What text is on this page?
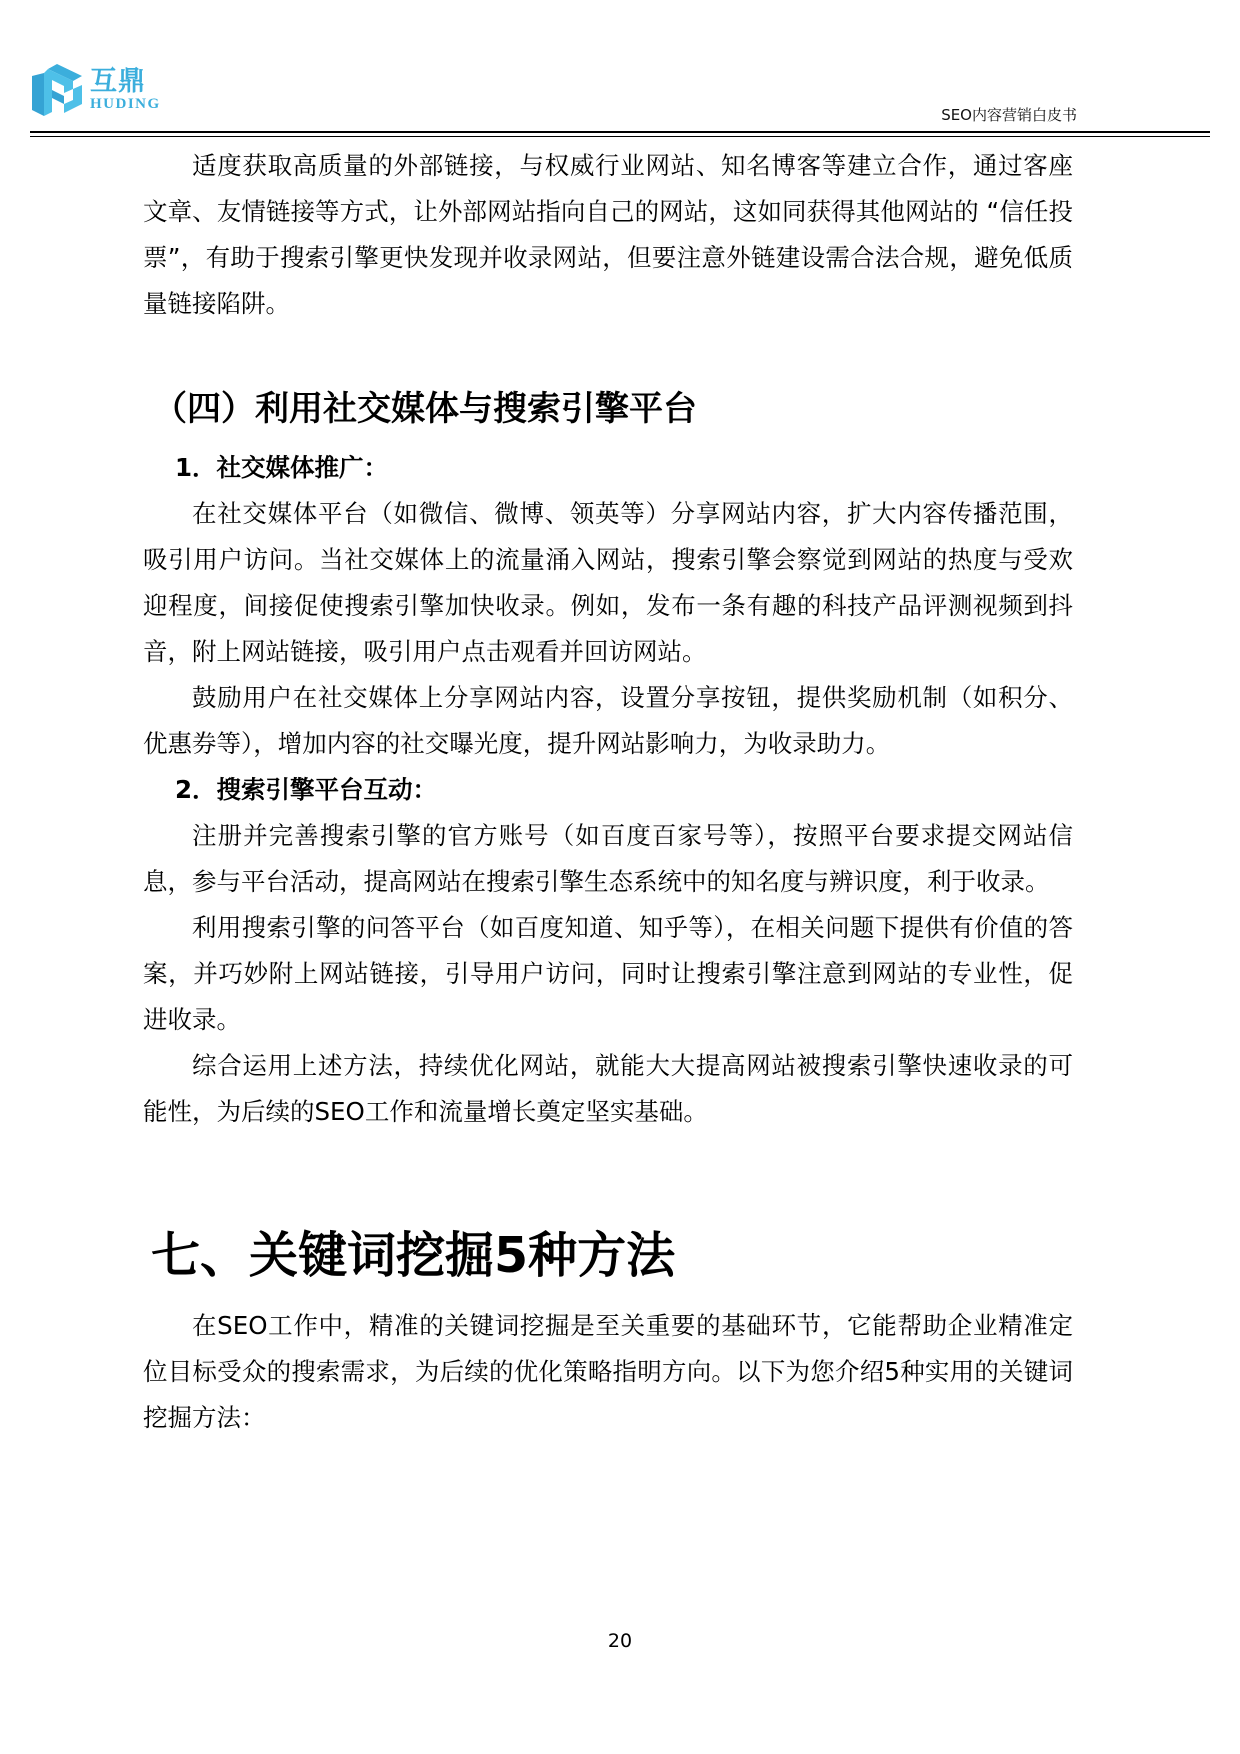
互鼎
HUDING
SEO内容营销白皮书

适度获取高质量的外部链接，与权威行业网站、知名博客等建立合作，通过客座文章、友情链接等方式，让外部网站指向自己的网站，这如同获得其他网站的 “信任投票”，有助于搜索引擎更快发现并收录网站，但要注意外链建设需合法合规，避免低质量链接陷阱。

（四）利用社交媒体与搜索引擎平台
1．社交媒体推广：

在社交媒体平台（如微信、微博、领英等）分享网站内容，扩大内容传播范围，吸引用户访问。当社交媒体上的流量涌入网站，搜索引擎会察觉到网站的热度与受欢迎程度，间接促使搜索引擎加快收录。例如，发布一条有趣的科技产品评测视频到抖音，附上网站链接，吸引用户点击观看并回访网站。

鼓励用户在社交媒体上分享网站内容，设置分享按钮，提供奖励机制（如积分、优惠券等），增加内容的社交曝光度，提升网站影响力，为收录助力。

2．搜索引擎平台互动：

注册并完善搜索引擎的官方账号（如百度百家号等），按照平台要求提交网站信息，参与平台活动，提高网站在搜索引擎生态系统中的知名度与辨识度，利于收录。

利用搜索引擎的问答平台（如百度知道、知乎等），在相关问题下提供有价值的答案，并巧妙附上网站链接，引导用户访问，同时让搜索引擎注意到网站的专业性，促进收录。

综合运用上述方法，持续优化网站，就能大大提高网站被搜索引擎快速收录的可能性，为后续的SEO工作和流量增长奠定坚实基础。

七、关键词挖掘5种方法

在SEO工作中，精准的关键词挖掘是至关重要的基础环节，它能帮助企业精准定位目标受众的搜索需求，为后续的优化策略指明方向。以下为您介绍5种实用的关键词挖掘方法：

20
